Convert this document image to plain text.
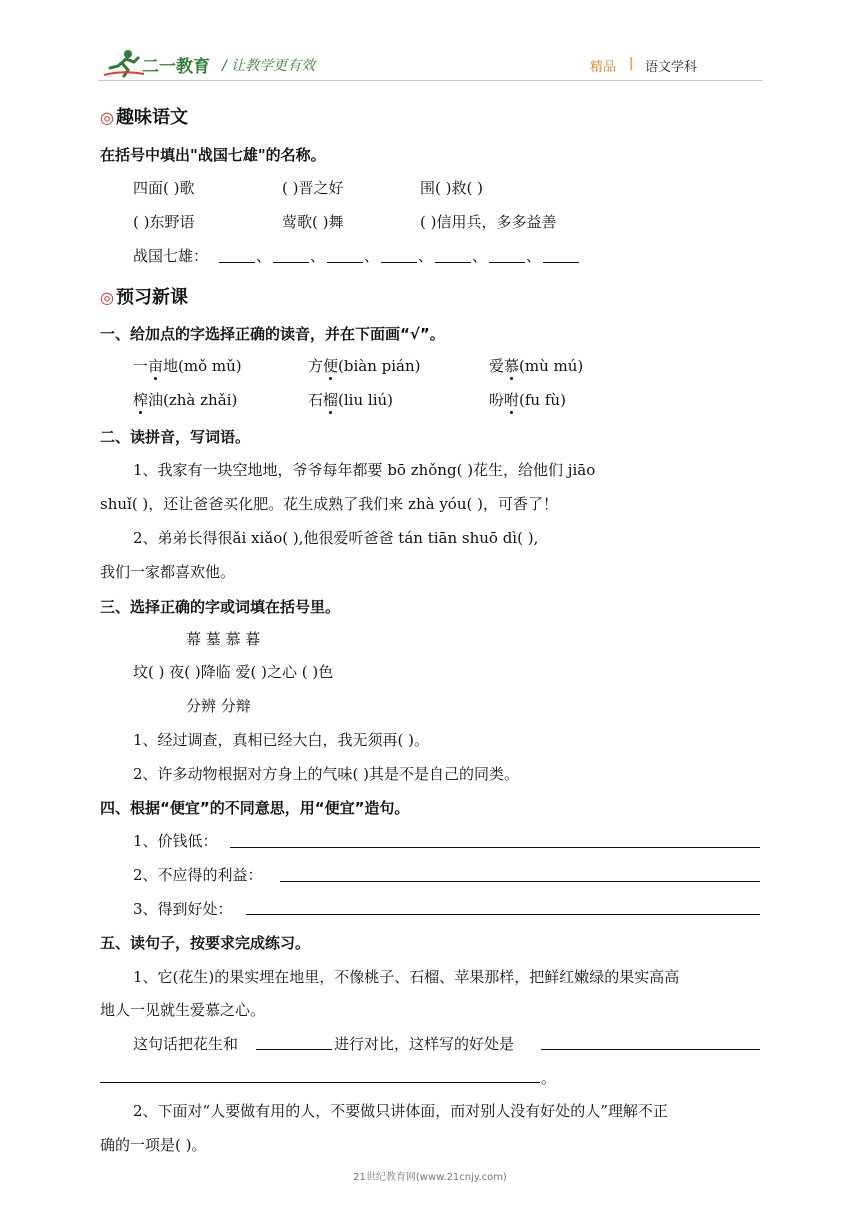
二一教育 / 让教学更有效	精品 | 语文学科
◎ 趣味语文
在括号中填出"战国七雄"的名称。
四面( )歌	( )晋之好	围( )救( )
( )东野语	莺歌( )舞	( )信用兵，多多益善
战国七雄：	、	、	、	、	、	、
◎ 预习新课
一、给加点的字选择正确的读音，并在下面画“√”。
一亩地(mǒ mǔ)	方便(biàn pián)	爱慕(mù mú)
榨油(zhà zhǎi)	石榴(liu liú)	吩咐(fu fù)
二、读拼音，写词语。
1、我家有一块空地地，爷爷每年都要 bō zhǒng( )花生，给他们 jiāo
shuǐ( )，还让爸爸买化肥。花生成熟了我们来 zhà yóu( )，可香了！
2、弟弟长得很ǎi xiǎo( ),他很爱听爸爸 tán tiān shuō dì( ),
我们一家都喜欢他。
三、选择正确的字或词填在括号里。
幕 墓 慕 暮
坟( ) 夜( )降临 爱( )之心 ( )色
分辨 分辩
1、经过调查，真相已经大白，我无须再( )。
2、许多动物根据对方身上的气味( )其是不是自己的同类。
四、根据“便宜”的不同意思，用“便宜”造句。
1、价钱低：
2、不应得的利益：
3、得到好处：
五、读句子，按要求完成练习。
1、它(花生)的果实埋在地里，不像桃子、石榴、苹果那样，把鲜红嫩绿的果实高高
地人一见就生爱慕之心。
这句话把花生和	进行对比，这样写的好处是
。
2、下面对“人要做有用的人，不要做只讲体面，而对别人没有好处的人”理解不正
确的一项是( )。
21世纪教育网(www.21cnjy.com)
